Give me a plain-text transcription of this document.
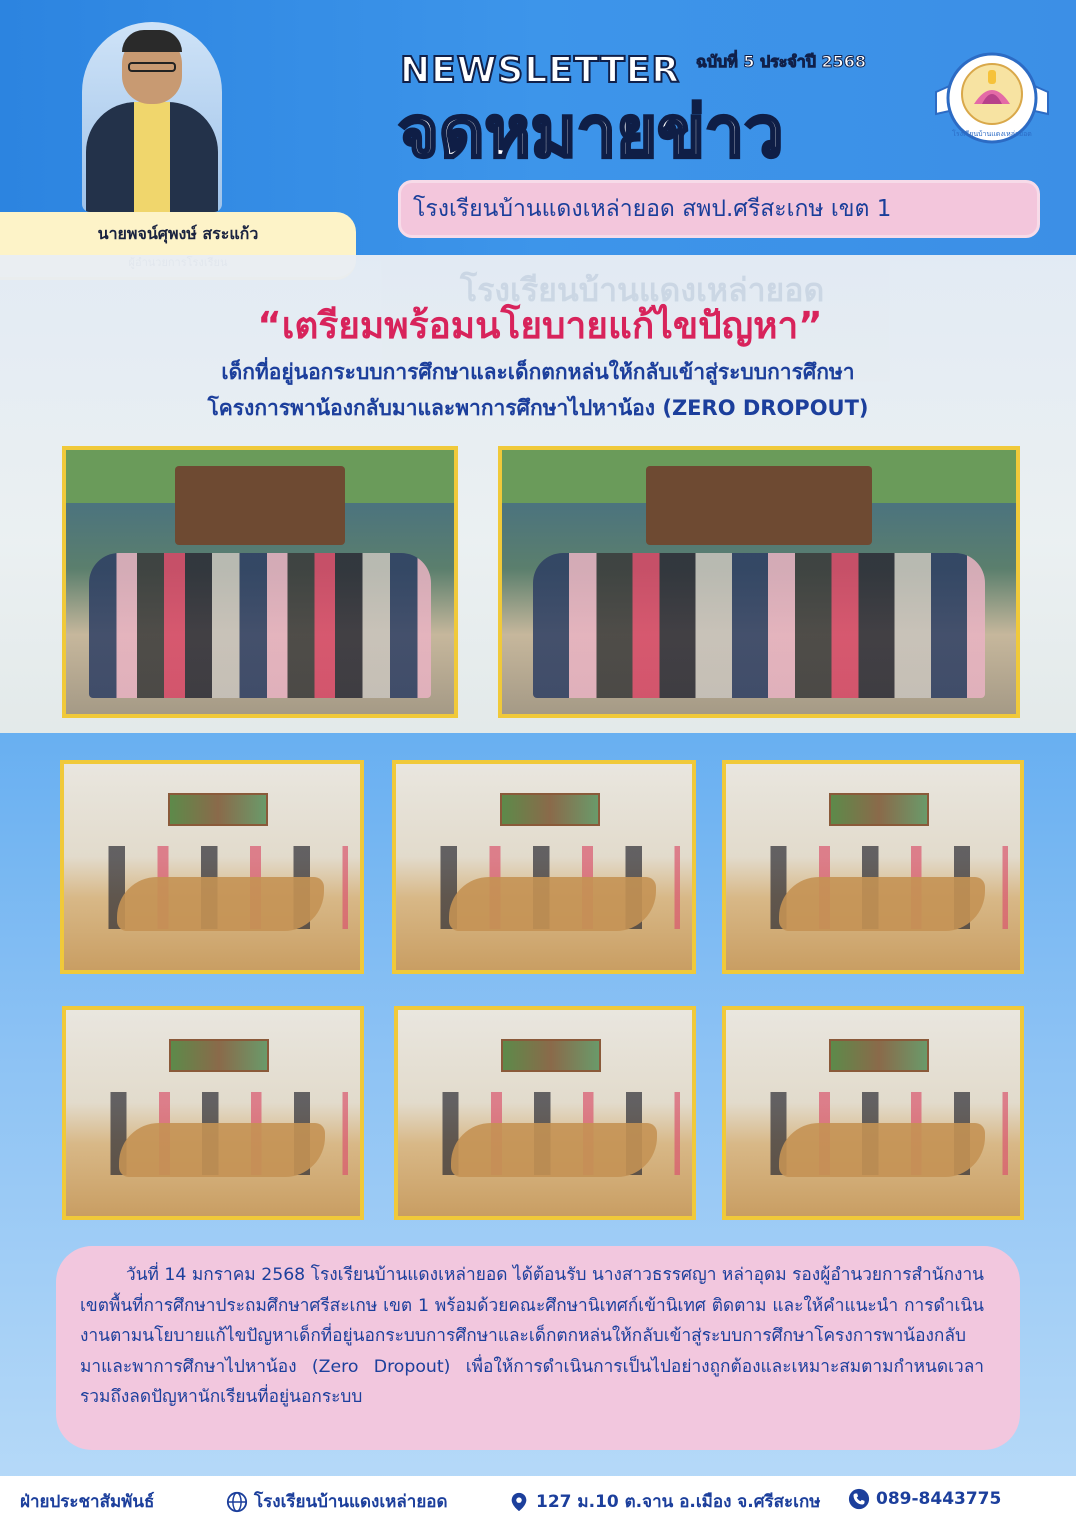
NEWSLETTER ฉบับที่ 5 ประจำปี 2568
จดหมายข่าว
โรงเรียนบ้านแดงเหล่ายอด สพป.ศรีสะเกษ เขต 1
โรงเรียนบ้านแดงเหล่ายอด
นายพจน์ศุพงษ์ สระแก้ว
โรงเรียนบ้านแดงเหล่ายอด
“เตรียมพร้อมนโยบายแก้ไขปัญหา”
เด็กที่อยู่นอกระบบการศึกษาและเด็กตกหล่นให้กลับเข้าสู่ระบบการศึกษา
โครงการพาน้องกลับมาและพาการศึกษาไปหาน้อง (ZERO DROPOUT)

วันที่ 14 มกราคม 2568 โรงเรียนบ้านแดงเหล่ายอด ได้ต้อนรับ นางสาวธรรศญา หล่าอุดม รองผู้อำนวยการสำนักงานเขตพื้นที่การศึกษาประถมศึกษาศรีสะเกษ เขต 1 พร้อมด้วยคณะศึกษานิเทศก์เข้านิเทศ ติดตาม และให้คำแนะนำ การดำเนินงานตามนโยบายแก้ไขปัญหาเด็กที่อยู่นอกระบบการศึกษาและเด็กตกหล่นให้กลับเข้าสู่ระบบการศึกษาโครงการพาน้องกลับมาและพาการศึกษาไปหาน้อง (Zero Dropout) เพื่อให้การดำเนินการเป็นไปอย่างถูกต้องและเหมาะสมตามกำหนดเวลา รวมถึงลดปัญหานักเรียนที่อยู่นอกระบบ

ฝ่ายประชาสัมพันธ์	โรงเรียนบ้านแดงเหล่ายอด	127 ม.10 ต.จาน อ.เมือง จ.ศรีสะเกษ	089-8443775
